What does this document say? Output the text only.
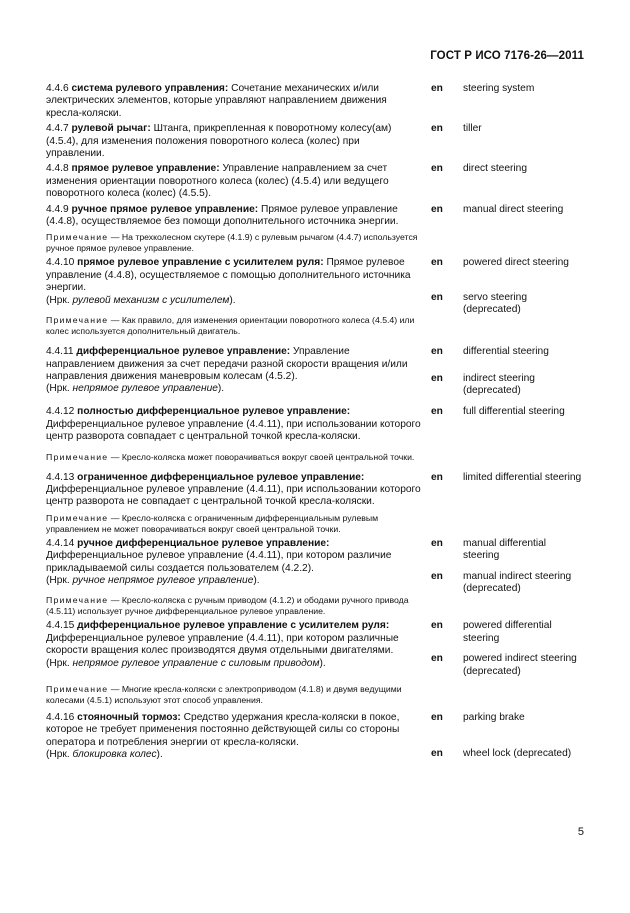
ГОСТ Р ИСО 7176-26—2011
4.4.6 система рулевого управления: Сочетание механических и/или электрических элементов, которые управляют направлением движения кресла-коляски.
en	steering system
4.4.7 рулевой рычаг: Штанга, прикрепленная к поворотному колесу(ам) (4.5.4), для изменения положения поворотного колеса (колес) при управлении.
en	tiller
4.4.8 прямое рулевое управление: Управление направлением за счет изменения ориентации поворотного колеса (колес) (4.5.4) или ведущего поворотного колеса (колес) (4.5.5).
en	direct steering
4.4.9 ручное прямое рулевое управление: Прямое рулевое управление (4.4.8), осуществляемое без помощи дополнительного источника энергии.
Примечание — На трехколесном скутере (4.1.9) с рулевым рычагом (4.4.7) используется ручное прямое рулевое управление.
en	manual direct steering
4.4.10 прямое рулевое управление с усилителем руля: Прямое рулевое управление (4.4.8), осуществляемое с помощью дополнительного источника энергии.
(Нрк. рулевой механизм с усилителем).
Примечание — Как правило, для изменения ориентации поворотного колеса (4.5.4) или колес используется дополнительный двигатель.
en	powered direct steering
en	servo steering (deprecated)
4.4.11 дифференциальное рулевое управление: Управление направлением движения за счет передачи разной скорости вращения и/или направления движения маневровым колесам (4.5.2).
(Нрк. непрямое рулевое управление).
en	differential steering
en	indirect steering (deprecated)
4.4.12 полностью дифференциальное рулевое управление: Дифференциальное рулевое управление (4.4.11), при использовании которого центр разворота совпадает с центральной точкой кресла-коляски.
Примечание — Кресло-коляска может поворачиваться вокруг своей центральной точки.
en	full differential steering
4.4.13 ограниченное дифференциальное рулевое управление: Дифференциальное рулевое управление (4.4.11), при использовании которого центр разворота не совпадает с центральной точкой кресла-коляски.
Примечание — Кресло-коляска с ограниченным дифференциальным рулевым управлением не может поворачиваться вокруг своей центральной точки.
en	limited differential steering
4.4.14 ручное дифференциальное рулевое управление: Дифференциальное рулевое управление (4.4.11), при котором различие прикладываемой силы создается пользователем (4.2.2).
(Нрк. ручное непрямое рулевое управление).
Примечание — Кресло-коляска с ручным приводом (4.1.2) и ободами ручного привода (4.5.11) использует ручное дифференциальное рулевое управление.
en	manual differential steering
en	manual indirect steering (deprecated)
4.4.15 дифференциальное рулевое управление с усилителем руля: Дифференциальное рулевое управление (4.4.11), при котором различные скорости вращения колес производятся двумя отдельными двигателями.
(Нрк. непрямое рулевое управление с силовым приводом).
Примечание — Многие кресла-коляски с электроприводом (4.1.8) и двумя ведущими колесами (4.5.1) используют этот способ управления.
en	powered differential steering
en	powered indirect steering (deprecated)
4.4.16 стояночный тормоз: Средство удержания кресла-коляски в покое, которое не требует применения постоянно действующей силы со стороны оператора и потребления энергии от кресла-коляски.
(Нрк. блокировка колес).
en	parking brake
en	wheel lock (deprecated)
5
